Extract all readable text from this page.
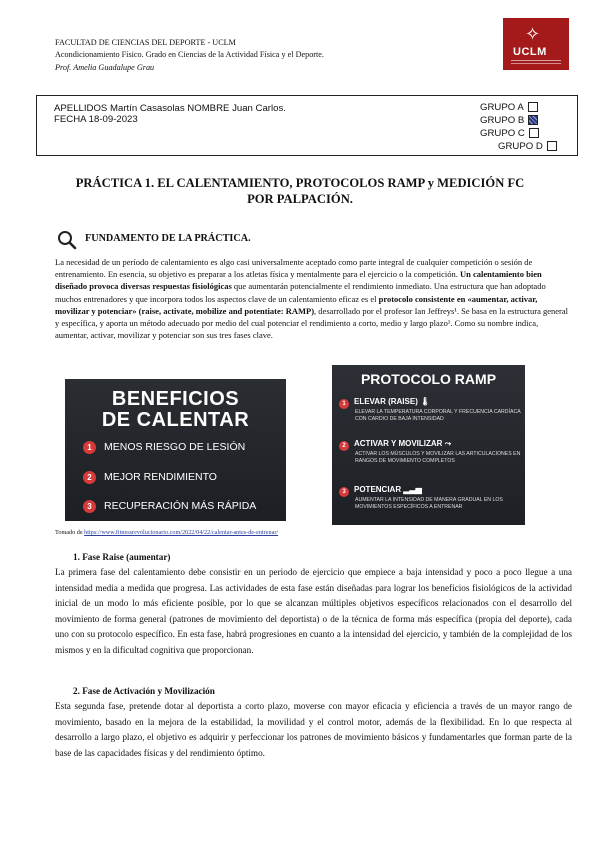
FACULTAD DE CIENCIAS DEL DEPORTE - UCLM
Acondicionamiento Físico. Grado en Ciencias de la Actividad Física y el Deporte.
Prof. Amelia Guadalupe Grau
✧
UCLM
APELLIDOS Martín Casasolas NOMBRE Juan Carlos.
FECHA 18-09-2023
GRUPO A
GRUPO B
GRUPO C
GRUPO D
PRÁCTICA 1. EL CALENTAMIENTO, PROTOCOLOS RAMP y MEDICIÓN FC
POR PALPACIÓN.
FUNDAMENTO DE LA PRÁCTICA.
La necesidad de un período de calentamiento es algo casi universalmente aceptado como parte integral de cualquier competición o sesión de entrenamiento. En esencia, su objetivo es preparar a los atletas física y mentalmente para el ejercicio o la competición. Un calentamiento bien diseñado provoca diversas respuestas fisiológicas que aumentarán potencialmente el rendimiento inmediato. Una estructura que han adoptado muchos entrenadores y que incorpora todos los aspectos clave de un calentamiento eficaz es el protocolo consistente en «aumentar, activar, movilizar y potenciar» (raise, activate, mobilize and potentiate: RAMP), desarrollado por el profesor Ian Jeffreys¹. Se basa en la estructura general y específica, y aporta un método adecuado por medio del cual potenciar el rendimiento a corto, medio y largo plazo¹. Como su nombre indica, aumentar, activar, movilizar y potenciar son sus tres fases clave.
BENEFICIOS
DE CALENTAR
1 MENOS RIESGO DE LESIÓN
2 MEJOR RENDIMIENTO
3 RECUPERACIÓN MÁS RÁPIDA
PROTOCOLO RAMP
1 ELEVAR (RAISE) 🌡
ELEVAR LA TEMPERATURA CORPORAL Y FRECUENCIA CARDÍACA CON CARDIO DE BAJA INTENSIDAD
2 ACTIVAR Y MOVILIZAR ⤳
ACTIVAR LOS MÚSCULOS Y MOVILIZAR LAS ARTICULACIONES EN RANGOS DE MOVIMIENTO COMPLETOS
3 POTENCIAR ▂▃▅
AUMENTAR LA INTENSIDAD DE MANERA GRADUAL EN LOS MOVIMIENTOS ESPECÍFICOS A ENTRENAR
Tomado de https://www.fitnessrevolucionario.com/2022/04/22/calentar-antes-de-entrenar/
1. Fase Raise (aumentar)
La primera fase del calentamiento debe consistir en un periodo de ejercicio que empiece a baja intensidad y poco a poco llegue a una intensidad media a medida que progresa. Las actividades de esta fase están diseñadas para lograr los beneficios fisiológicos de la actividad inicial de un modo lo más eficiente posible, por lo que se alcanzan múltiples objetivos específicos relacionados con el desarrollo del movimiento de forma general (patrones de movimiento del deportista) o de la técnica de forma más específica (propia del deporte), cada uno con su protocolo específico. En esta fase, habrá progresiones en cuanto a la intensidad del ejercicio, y también de la complejidad de los mismos y en la dificultad cognitiva que proporcionan.
2. Fase de Activación y Movilización
Esta segunda fase, pretende dotar al deportista a corto plazo, moverse con mayor eficacia y eficiencia a través de un mayor rango de movimiento, basado en la mejora de la estabilidad, la movilidad y el control motor, además de la flexibilidad. En lo que respecta al desarrollo a largo plazo, el objetivo es adquirir y perfeccionar los patrones de movimiento básicos y fundamentarles que forman parte de la base de las capacidades físicas y del rendimiento óptimo.
